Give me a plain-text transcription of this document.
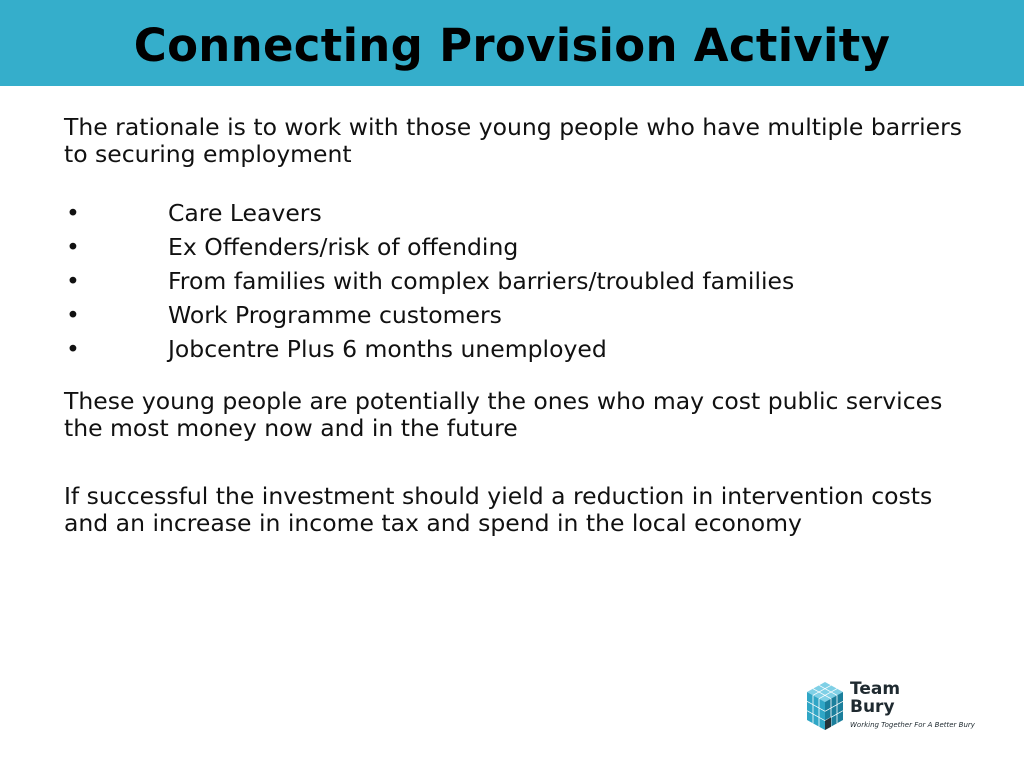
Connecting Provision Activity

The rationale is to work with those young people who have multiple barriers to securing employment

•	Care Leavers
•	Ex Offenders/risk of offending
•	From families with complex barriers/troubled families
•	Work Programme customers
•	Jobcentre Plus 6 months unemployed

These young people are potentially the ones who may cost public services the most money now and in the future

If successful the investment should yield a reduction in intervention costs and an increase in income tax and spend in the local economy

Team
Bury
Working Together For A Better Bury
